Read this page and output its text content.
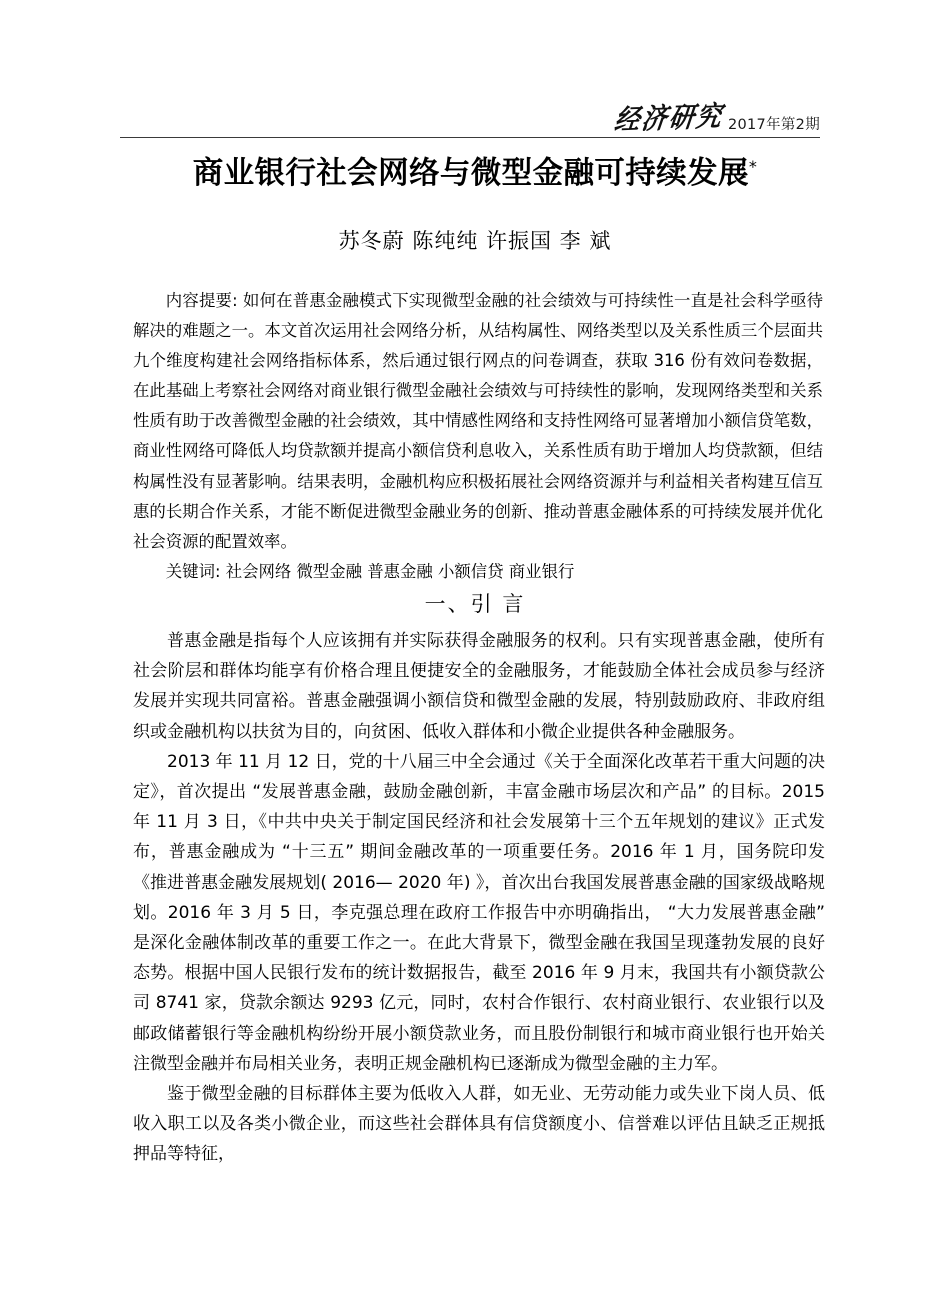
经济研究 2017年第2期
商业银行社会网络与微型金融可持续发展*
苏冬蔚 陈纯纯 许振国 李 斌
内容提要: 如何在普惠金融模式下实现微型金融的社会绩效与可持续性一直是社会科学亟待解决的难题之一。本文首次运用社会网络分析，从结构属性、网络类型以及关系性质三个层面共九个维度构建社会网络指标体系，然后通过银行网点的问卷调查，获取 316 份有效问卷数据，在此基础上考察社会网络对商业银行微型金融社会绩效与可持续性的影响，发现网络类型和关系性质有助于改善微型金融的社会绩效，其中情感性网络和支持性网络可显著增加小额信贷笔数，商业性网络可降低人均贷款额并提高小额信贷利息收入，关系性质有助于增加人均贷款额，但结构属性没有显著影响。结果表明，金融机构应积极拓展社会网络资源并与利益相关者构建互信互惠的长期合作关系，才能不断促进微型金融业务的创新、推动普惠金融体系的可持续发展并优化社会资源的配置效率。
关键词: 社会网络 微型金融 普惠金融 小额信贷 商业银行
一、引 言

普惠金融是指每个人应该拥有并实际获得金融服务的权利。只有实现普惠金融，使所有社会阶层和群体均能享有价格合理且便捷安全的金融服务，才能鼓励全体社会成员参与经济发展并实现共同富裕。普惠金融强调小额信贷和微型金融的发展，特别鼓励政府、非政府组织或金融机构以扶贫为目的，向贫困、低收入群体和小微企业提供各种金融服务。

2013 年 11 月 12 日，党的十八届三中全会通过《关于全面深化改革若干重大问题的决定》，首次提出 “发展普惠金融，鼓励金融创新，丰富金融市场层次和产品” 的目标。2015 年 11 月 3 日，《中共中央关于制定国民经济和社会发展第十三个五年规划的建议》正式发布，普惠金融成为 “十三五” 期间金融改革的一项重要任务。2016 年 1 月，国务院印发《推进普惠金融发展规划( 2016— 2020 年) 》，首次出台我国发展普惠金融的国家级战略规划。2016 年 3 月 5 日，李克强总理在政府工作报告中亦明确指出， “大力发展普惠金融” 是深化金融体制改革的重要工作之一。在此大背景下，微型金融在我国呈现蓬勃发展的良好态势。根据中国人民银行发布的统计数据报告，截至 2016 年 9 月末，我国共有小额贷款公司 8741 家，贷款余额达 9293 亿元，同时，农村合作银行、农村商业银行、农业银行以及邮政储蓄银行等金融机构纷纷开展小额贷款业务，而且股份制银行和城市商业银行也开始关注微型金融并布局相关业务，表明正规金融机构已逐渐成为微型金融的主力军。

鉴于微型金融的目标群体主要为低收入人群，如无业、无劳动能力或失业下岗人员、低收入职工以及各类小微企业，而这些社会群体具有信贷额度小、信誉难以评估且缺乏正规抵押品等特征，
